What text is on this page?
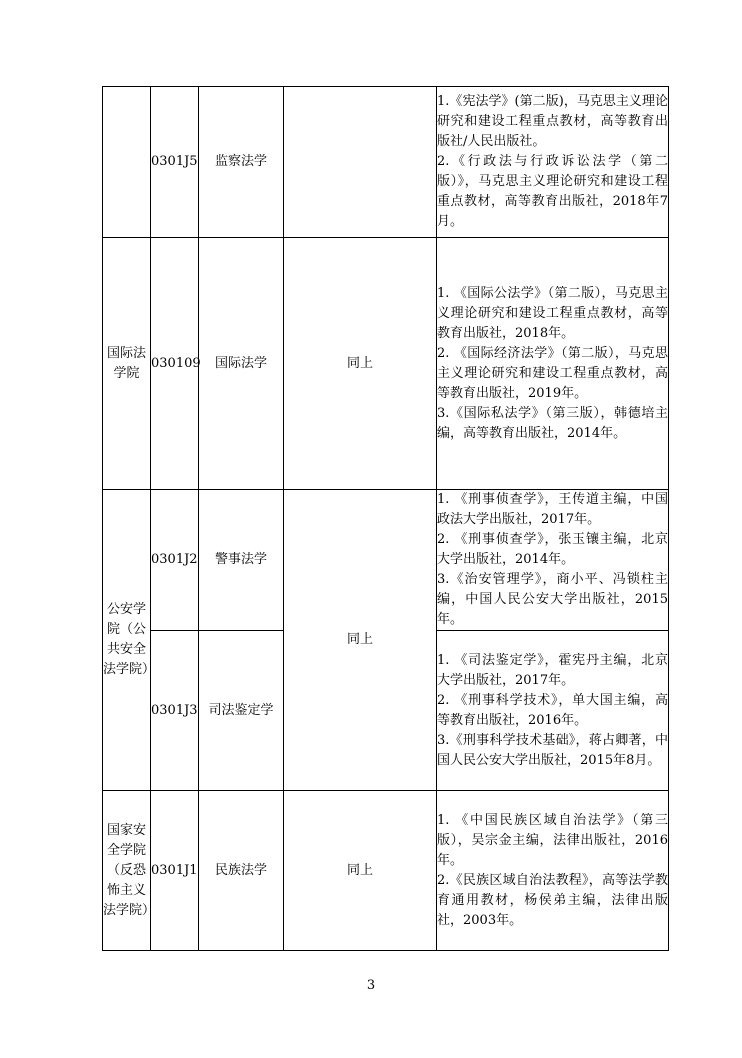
	0301J5	监察法学		1.《宪法学》(第二版)，马克思主义理论研究和建设工程重点教材，高等教育出版社/人民出版社。
2.《行政法与行政诉讼法学（第二版）》，马克思主义理论研究和建设工程重点教材，高等教育出版社，2018年7月。

国际法学院	030109	国际法学	同上	1. 《国际公法学》（第二版），马克思主义理论研究和建设工程重点教材，高等教育出版社，2018年。
2. 《国际经济法学》（第二版），马克思主义理论研究和建设工程重点教材，高等教育出版社，2019年。
3.《国际私法学》（第三版），韩德培主编，高等教育出版社，2014年。

公安学院（公共安全法学院）	0301J2	警事法学	同上	1. 《刑事侦查学》，王传道主编，中国政法大学出版社，2017年。
2. 《刑事侦查学》，张玉镶主编，北京大学出版社，2014年。
3.《治安管理学》，商小平、冯锁柱主编，中国人民公安大学出版社，2015年。

	0301J3	司法鉴定学		1. 《司法鉴定学》，霍宪丹主编，北京大学出版社，2017年。
2. 《刑事科学技术》，单大国主编，高等教育出版社，2016年。
3.《刑事科学技术基础》，蒋占卿著，中国人民公安大学出版社，2015年8月。

国家安全学院（反恐怖主义法学院）	0301J1	民族法学	同上	1. 《中国民族区域自治法学》（第三版），吴宗金主编，法律出版社，2016年。
2.《民族区域自治法教程》，高等法学教育通用教材，杨侯弟主编，法律出版社，2003年。
3
